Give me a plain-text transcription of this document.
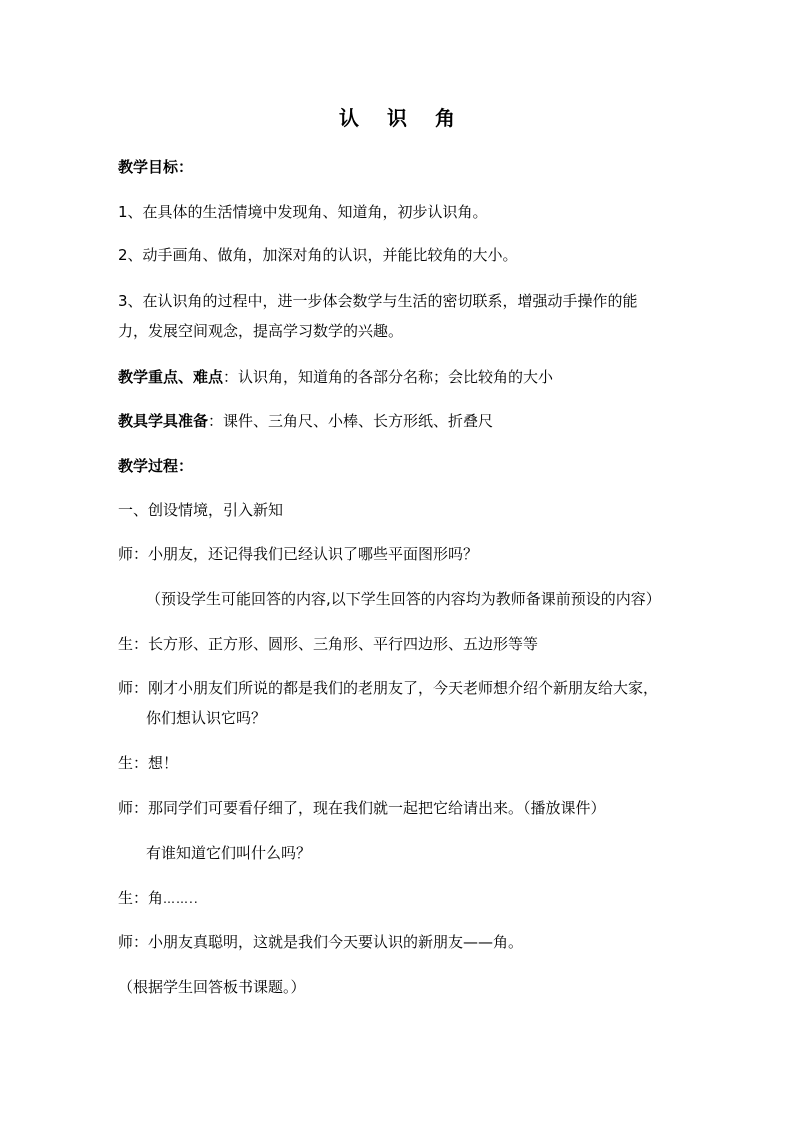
认 识 角
教学目标：
1、在具体的生活情境中发现角、知道角，初步认识角。
2、动手画角、做角，加深对角的认识，并能比较角的大小。
3、在认识角的过程中，进一步体会数学与生活的密切联系，增强动手操作的能
力，发展空间观念，提高学习数学的兴趣。
教学重点、难点：认识角，知道角的各部分名称；会比较角的大小
教具学具准备：课件、三角尺、小棒、长方形纸、折叠尺
教学过程：
一、创设情境，引入新知
师：小朋友，还记得我们已经认识了哪些平面图形吗？
（预设学生可能回答的内容,以下学生回答的内容均为教师备课前预设的内容）
生：长方形、正方形、圆形、三角形、平行四边形、五边形等等
师：刚才小朋友们所说的都是我们的老朋友了，今天老师想介绍个新朋友给大家，
你们想认识它吗？
生：想！
师：那同学们可要看仔细了，现在我们就一起把它给请出来。（播放课件）
有谁知道它们叫什么吗？
生：角……..
师：小朋友真聪明，这就是我们今天要认识的新朋友——角。
（根据学生回答板书课题。）
